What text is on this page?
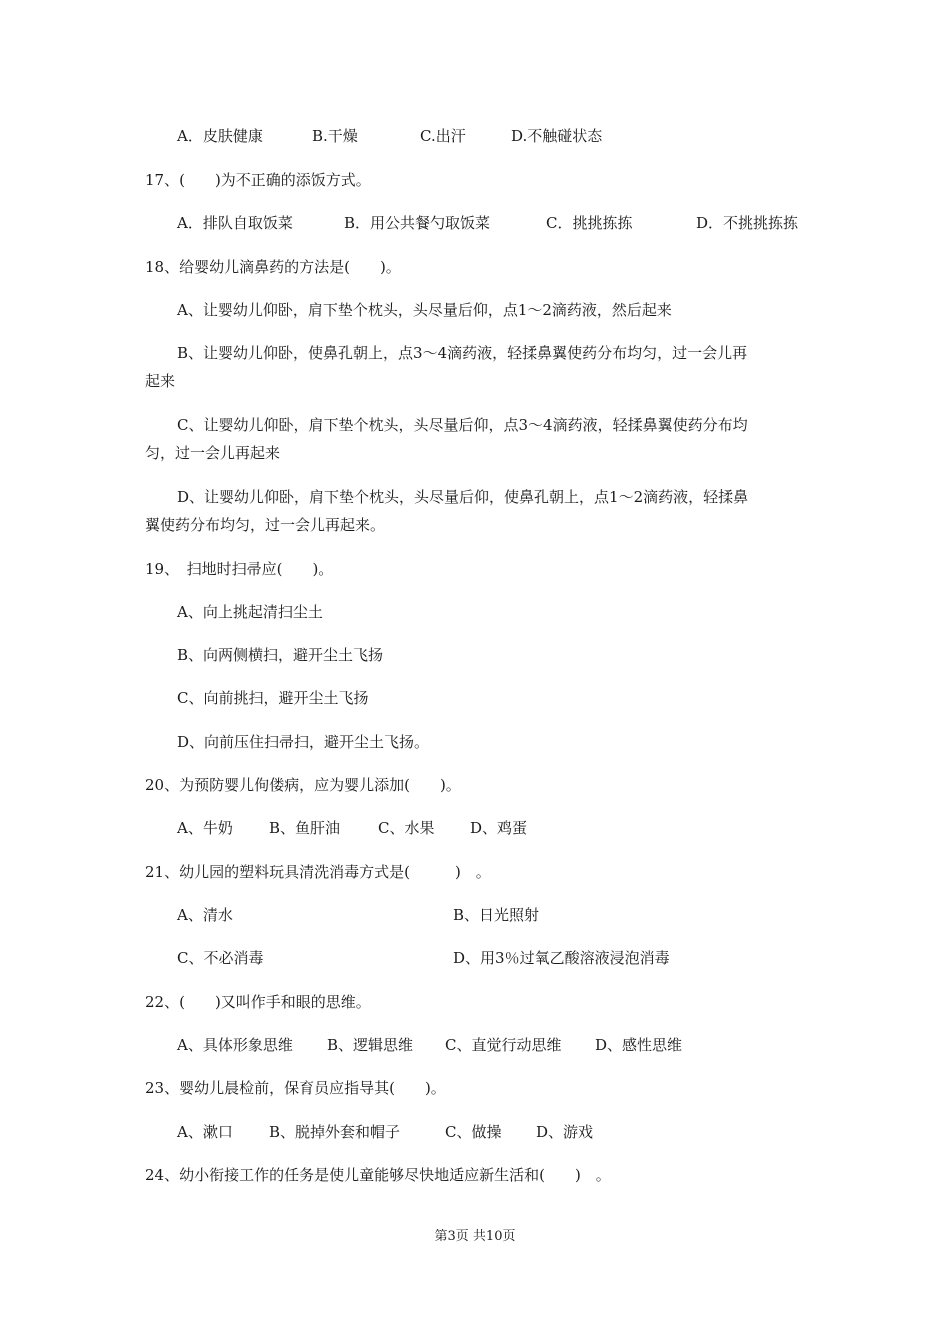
A．皮肤健康	B.干燥	C.出汗	D.不触碰状态
17、(　　)为不正确的添饭方式。
A．排队自取饭菜	B．用公共餐勺取饭菜	C．挑挑拣拣	D．不挑挑拣拣
18、给婴幼儿滴鼻药的方法是(　　)。
A、让婴幼儿仰卧，肩下垫个枕头，头尽量后仰，点1～2滴药液，然后起来
B、让婴幼儿仰卧，使鼻孔朝上，点3～4滴药液，轻揉鼻翼使药分布均匀，过一会儿再
起来
C、让婴幼儿仰卧，肩下垫个枕头，头尽量后仰，点3～4滴药液，轻揉鼻翼使药分布均
匀，过一会儿再起来
D、让婴幼儿仰卧，肩下垫个枕头，头尽量后仰，使鼻孔朝上，点1～2滴药液，轻揉鼻
翼使药分布均匀，过一会儿再起来。
19、　扫地时扫帚应(　　)。
A、向上挑起清扫尘土
B、向两侧横扫，避开尘土飞扬
C、向前挑扫，避开尘土飞扬
D、向前压住扫帚扫，避开尘土飞扬。
20、为预防婴儿佝偻病，应为婴儿添加(　　)。
A、牛奶 B、鱼肝油	C、水果 D、鸡蛋
21、幼儿园的塑料玩具清洗消毒方式是(　　　)　。
A、清水	B、日光照射
C、不必消毒	D、用3％过氧乙酸溶液浸泡消毒
22、(　　)又叫作手和眼的思维。
A、具体形象思维 B、逻辑思维 C、直觉行动思维 D、感性思维
23、婴幼儿晨检前，保育员应指导其(　　)。
A、漱口 B、脱掉外套和帽子	C、做操 D、游戏
24、幼小衔接工作的任务是使儿童能够尽快地适应新生活和(　　)　。
第3页 共10页
